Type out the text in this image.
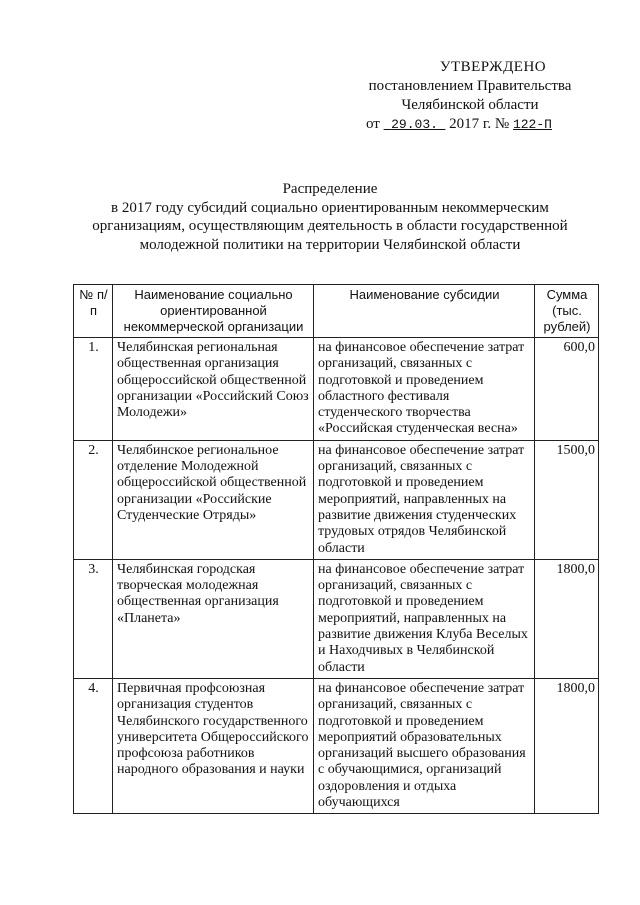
УТВЕРЖДЕНО
постановлением Правительства
Челябинской области
от 29.03. 2017 г. № 122-П
Распределение
в 2017 году субсидий социально ориентированным некоммерческим
организациям, осуществляющим деятельность в области государственной
молодежной политики на территории Челябинской области
№ п/п	Наименование социально ориентированной некоммерческой организации	Наименование субсидии	Сумма (тыс. рублей)
1.	Челябинская региональная общественная организация общероссийской общественной организации «Российский Союз Молодежи»	на финансовое обеспечение затрат организаций, связанных с подготовкой и проведением областного фестиваля студенческого творчества «Российская студенческая весна»	600,0
2.	Челябинское региональное отделение Молодежной общероссийской общественной организации «Российские Студенческие Отряды»	на финансовое обеспечение затрат организаций, связанных с подготовкой и проведением мероприятий, направленных на развитие движения студенческих трудовых отрядов Челябинской области	1500,0
3.	Челябинская городская творческая молодежная общественная организация «Планета»	на финансовое обеспечение затрат организаций, связанных с подготовкой и проведением мероприятий, направленных на развитие движения Клуба Веселых и Находчивых в Челябинской области	1800,0
4.	Первичная профсоюзная организация студентов Челябинского государственного университета Общероссийского профсоюза работников народного образования и науки	на финансовое обеспечение затрат организаций, связанных с подготовкой и проведением мероприятий образовательных организаций высшего образования с обучающимися, организаций оздоровления и отдыха обучающихся	1800,0
